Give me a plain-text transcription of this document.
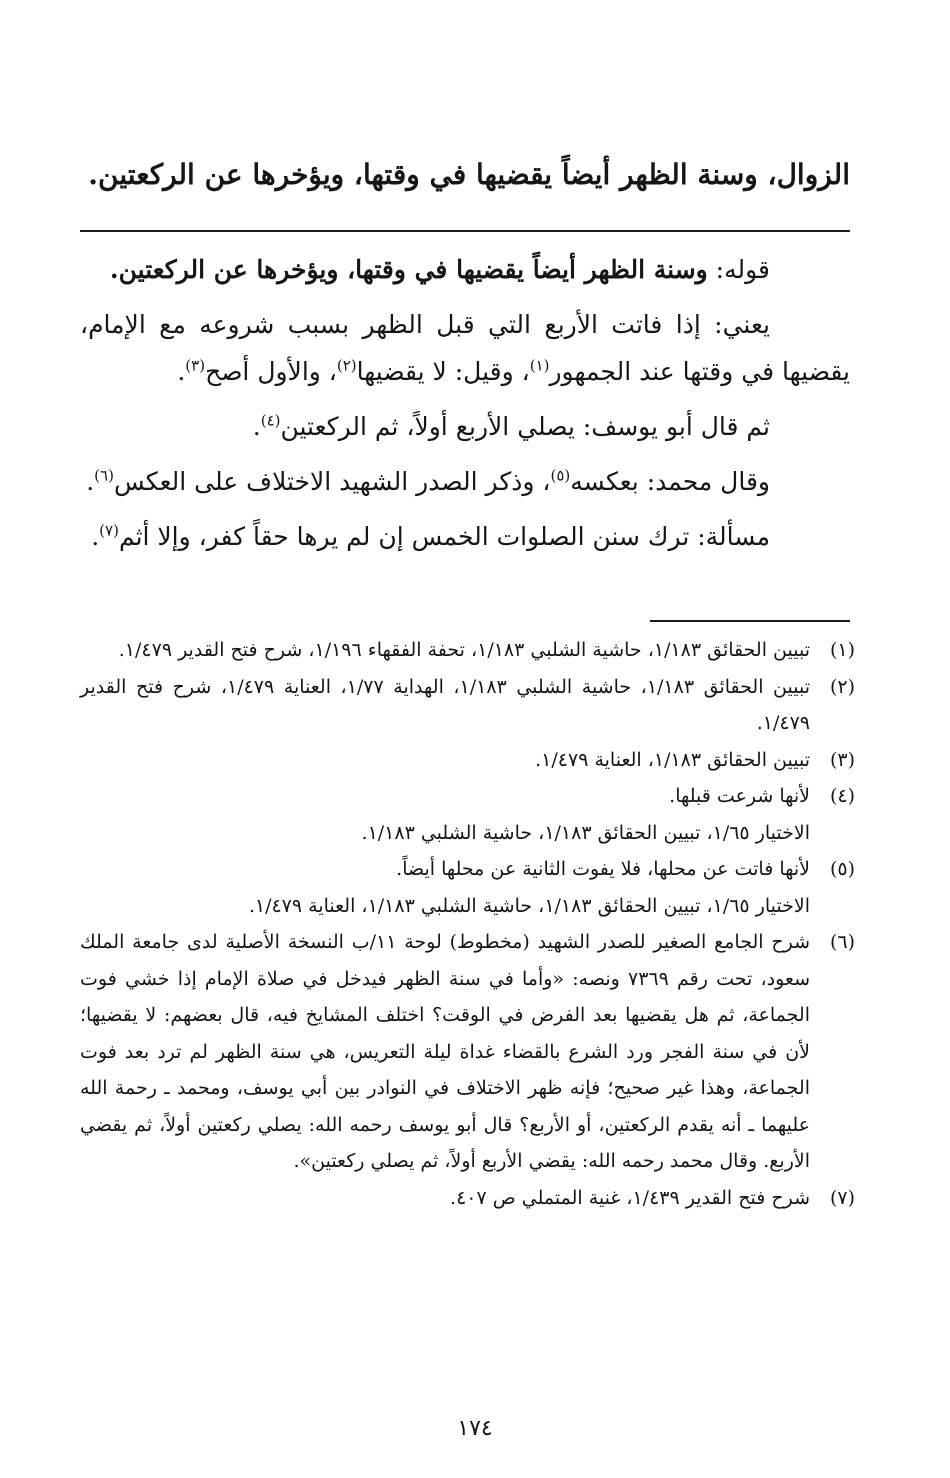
الزوال، وسنة الظهر أيضاً يقضيها في وقتها، ويؤخرها عن الركعتين.

قوله: وسنة الظهر أيضاً يقضيها في وقتها، ويؤخرها عن الركعتين.

يعني: إذا فاتت الأربع التي قبل الظهر بسبب شروعه مع الإمام، يقضيها في وقتها عند الجمهور$^{(١)}$، وقيل: لا يقضيها$^{(٢)}$، والأول أصح$^{(٣)}$.

ثم قال أبو يوسف: يصلي الأربع أولاً، ثم الركعتين$^{(٤)}$.

وقال محمد: بعكسه$^{(٥)}$، وذكر الصدر الشهيد الاختلاف على العكس$^{(٦)}$.

مسألة: ترك سنن الصلوات الخمس إن لم يرها حقاً كفر، وإلا أثم$^{(٧)}$.

(١)
تبيين الحقائق ١/١٨٣، حاشية الشلبي ١/١٨٣، تحفة الفقهاء ١/١٩٦، شرح فتح القدير ١/٤٧٩.
(٢)
تبيين الحقائق ١/١٨٣، حاشية الشلبي ١/١٨٣، الهداية ١/٧٧، العناية ١/٤٧٩، شرح فتح القدير ١/٤٧٩.
(٣)
تبيين الحقائق ١/١٨٣، العناية ١/٤٧٩.
(٤)
لأنها شرعت قبلها.
الاختيار ١/٦٥، تبيين الحقائق ١/١٨٣، حاشية الشلبي ١/١٨٣.
(٥)
لأنها فاتت عن محلها، فلا يفوت الثانية عن محلها أيضاً.
الاختيار ١/٦٥، تبيين الحقائق ١/١٨٣، حاشية الشلبي ١/١٨٣، العناية ١/٤٧٩.
(٦)
شرح الجامع الصغير للصدر الشهيد (مخطوط) لوحة ١١/ب النسخة الأصلية لدى جامعة الملك سعود، تحت رقم ٧٣٦٩ ونصه: «وأما في سنة الظهر فيدخل في صلاة الإمام إذا خشي فوت الجماعة، ثم هل يقضيها بعد الفرض في الوقت؟ اختلف المشايخ فيه، قال بعضهم: لا يقضيها؛ لأن في سنة الفجر ورد الشرع بالقضاء غداة ليلة التعريس، هي سنة الظهر لم ترد بعد فوت الجماعة، وهذا غير صحيح؛ فإنه ظهر الاختلاف في النوادر بين أبي يوسف، ومحمد ـ رحمة الله عليهما ـ أنه يقدم الركعتين، أو الأربع؟ قال أبو يوسف رحمه الله: يصلي ركعتين أولاً، ثم يقضي الأربع. وقال محمد رحمه الله: يقضي الأربع أولاً، ثم يصلي ركعتين».
(٧)
شرح فتح القدير ١/٤٣٩، غنية المتملي ص ٤٠٧.
١٧٤
